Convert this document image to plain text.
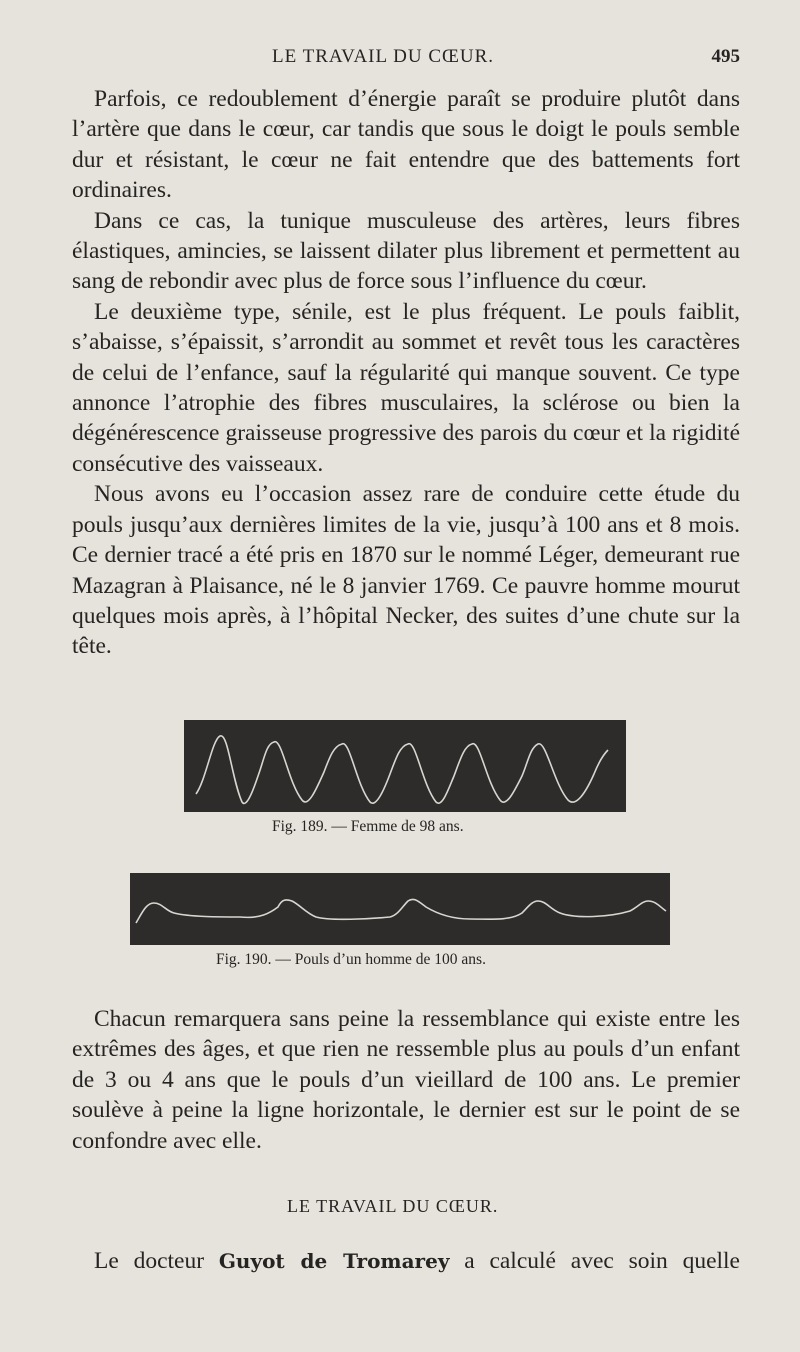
LE TRAVAIL DU CŒUR.	495

Parfois, ce redoublement d’énergie paraît se produire plutôt dans l’artère que dans le cœur, car tandis que sous le doigt le pouls semble dur et résistant, le cœur ne fait entendre que des battements fort ordinaires.

Dans ce cas, la tunique musculeuse des artères, leurs fibres élastiques, amincies, se laissent dilater plus librement et permettent au sang de rebondir avec plus de force sous l’influence du cœur.

Le deuxième type, sénile, est le plus fréquent. Le pouls faiblit, s’abaisse, s’épaissit, s’arrondit au sommet et revêt tous les caractères de celui de l’enfance, sauf la régularité qui manque souvent. Ce type annonce l’atrophie des fibres musculaires, la sclérose ou bien la dégénérescence graisseuse progressive des parois du cœur et la rigidité consécutive des vaisseaux.

Nous avons eu l’occasion assez rare de conduire cette étude du pouls jusqu’aux dernières limites de la vie, jusqu’à 100 ans et 8 mois. Ce dernier tracé a été pris en 1870 sur le nommé Léger, demeurant rue Mazagran à Plaisance, né le 8 janvier 1769. Ce pauvre homme mourut quelques mois après, à l’hôpital Necker, des suites d’une chute sur la tête.

Fig. 189. — Femme de 98 ans.
Fig. 190. — Pouls d’un homme de 100 ans.

Chacun remarquera sans peine la ressemblance qui existe entre les extrêmes des âges, et que rien ne ressemble plus au pouls d’un enfant de 3 ou 4 ans que le pouls d’un vieillard de 100 ans. Le premier soulève à peine la ligne horizontale, le dernier est sur le point de se confondre avec elle.

LE TRAVAIL DU CŒUR.
Le docteur Guyot de Tromarey a calculé avec soin quelle
